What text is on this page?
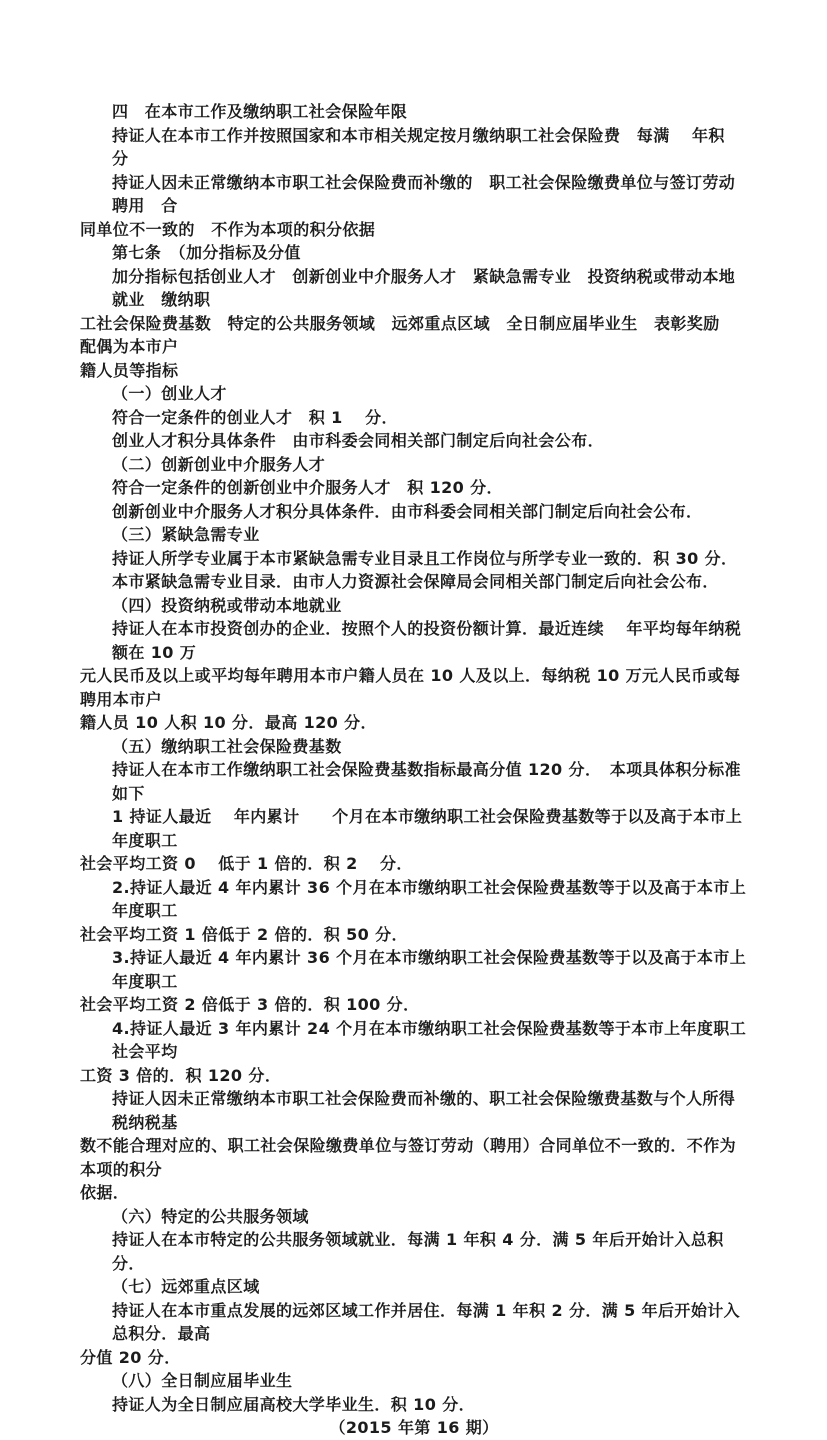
四　在本市工作及缴纳职工社会保险年限
持证人在本市工作并按照国家和本市相关规定按月缴纳职工社会保险费　每满　 年积　 分
持证人因未正常缴纳本市职工社会保险费而补缴的　职工社会保险缴费单位与签订劳动　聘用　合
同单位不一致的　不作为本项的积分依据
第七条　（加分指标及分值
加分指标包括创业人才　创新创业中介服务人才　紧缺急需专业　投资纳税或带动本地就业　缴纳职
工社会保险费基数　特定的公共服务领域　远郊重点区域　全日制应届毕业生　表彰奖励　配偶为本市户
籍人员等指标
（一）创业人才
符合一定条件的创业人才　积 1 　分．
创业人才积分具体条件　由市科委会同相关部门制定后向社会公布．
（二）创新创业中介服务人才
符合一定条件的创新创业中介服务人才　积 120 分．
创新创业中介服务人才积分具体条件．由市科委会同相关部门制定后向社会公布．
（三）紧缺急需专业
持证人所学专业属于本市紧缺急需专业目录且工作岗位与所学专业一致的．积 30 分．
本市紧缺急需专业目录．由市人力资源社会保障局会同相关部门制定后向社会公布．
（四）投资纳税或带动本地就业
持证人在本市投资创办的企业．按照个人的投资份额计算．最近连续　 年平均每年纳税额在 10 万
元人民币及以上或平均每年聘用本市户籍人员在 10 人及以上．每纳税 10 万元人民币或每聘用本市户
籍人员 10 人积 10 分．最高 120 分．
（五）缴纳职工社会保险费基数
持证人在本市工作缴纳职工社会保险费基数指标最高分值 120 分．　本项具体积分标准如下
1 持证人最近　 年内累计　　个月在本市缴纳职工社会保险费基数等于以及高于本市上年度职工
社会平均工资 0 　低于 1 倍的．积 2 　分．
2.持证人最近 4 年内累计 36 个月在本市缴纳职工社会保险费基数等于以及高于本市上年度职工
社会平均工资 1 倍低于 2 倍的．积 50 分．
3.持证人最近 4 年内累计 36 个月在本市缴纳职工社会保险费基数等于以及高于本市上年度职工
社会平均工资 2 倍低于 3 倍的．积 100 分．
4.持证人最近 3 年内累计 24 个月在本市缴纳职工社会保险费基数等于本市上年度职工社会平均
工资 3 倍的．积 120 分．
持证人因未正常缴纳本市职工社会保险费而补缴的、职工社会保险缴费基数与个人所得税纳税基
数不能合理对应的、职工社会保险缴费单位与签订劳动（聘用）合同单位不一致的．不作为本项的积分
依据．
（六）特定的公共服务领域
持证人在本市特定的公共服务领域就业．每满 1 年积 4 分．满 5 年后开始计入总积分．
（七）远郊重点区域
持证人在本市重点发展的远郊区域工作并居住．每满 1 年积 2 分．满 5 年后开始计入总积分．最高
分值 20 分．
（八）全日制应届毕业生
持证人为全日制应届高校大学毕业生．积 10 分．
（2015 年第 16 期）
